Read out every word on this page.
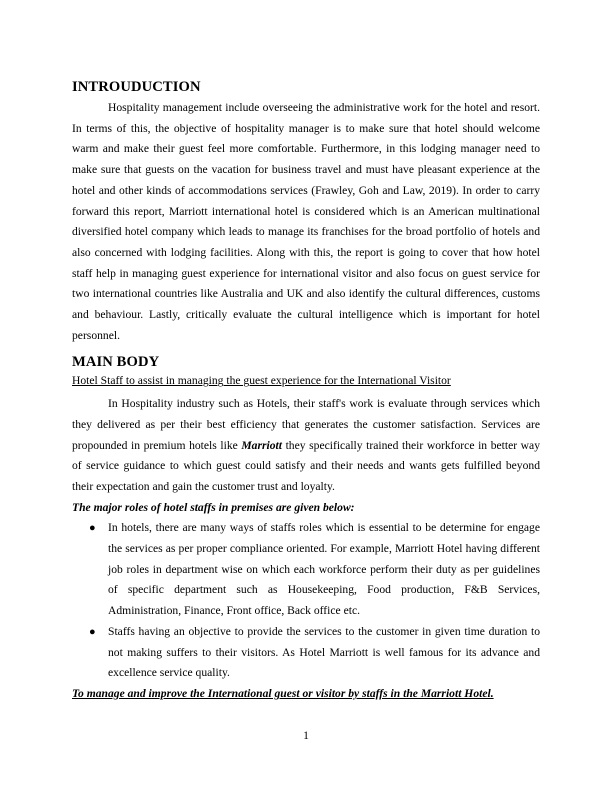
INTROUDUCTION

Hospitality management include overseeing the administrative work for the hotel and resort. In terms of this, the objective of hospitality manager is to make sure that hotel should welcome warm and make their guest feel more comfortable. Furthermore, in this lodging manager need to make sure that guests on the vacation for business travel and must have pleasant experience at the hotel and other kinds of accommodations services (Frawley, Goh and Law, 2019). In order to carry forward this report, Marriott international hotel is considered which is an American multinational diversified hotel company which leads to manage its franchises for the broad portfolio of hotels and also concerned with lodging facilities. Along with this, the report is going to cover that how hotel staff help in managing guest experience for international visitor and also focus on guest service for two international countries like Australia and UK and also identify the cultural differences, customs and behaviour. Lastly, critically evaluate the cultural intelligence which is important for hotel personnel.

MAIN BODY

Hotel Staff to assist in managing the guest experience for the International Visitor

In Hospitality industry such as Hotels, their staff's work is evaluate through services which they delivered as per their best efficiency that generates the customer satisfaction. Services are propounded in premium hotels like Marriott they specifically trained their workforce in better way of service guidance to which guest could satisfy and their needs and wants gets fulfilled beyond their expectation and gain the customer trust and loyalty.

The major roles of hotel staffs in premises are given below:

● In hotels, there are many ways of staffs roles which is essential to be determine for engage the services as per proper compliance oriented. For example, Marriott Hotel having different job roles in department wise on which each workforce perform their duty as per guidelines of specific department such as Housekeeping, Food production, F&B Services, Administration, Finance, Front office, Back office etc.
● Staffs having an objective to provide the services to the customer in given time duration to not making suffers to their visitors. As Hotel Marriott is well famous for its advance and excellence service quality.

To manage and improve the International guest or visitor by staffs in the Marriott Hotel.

1
